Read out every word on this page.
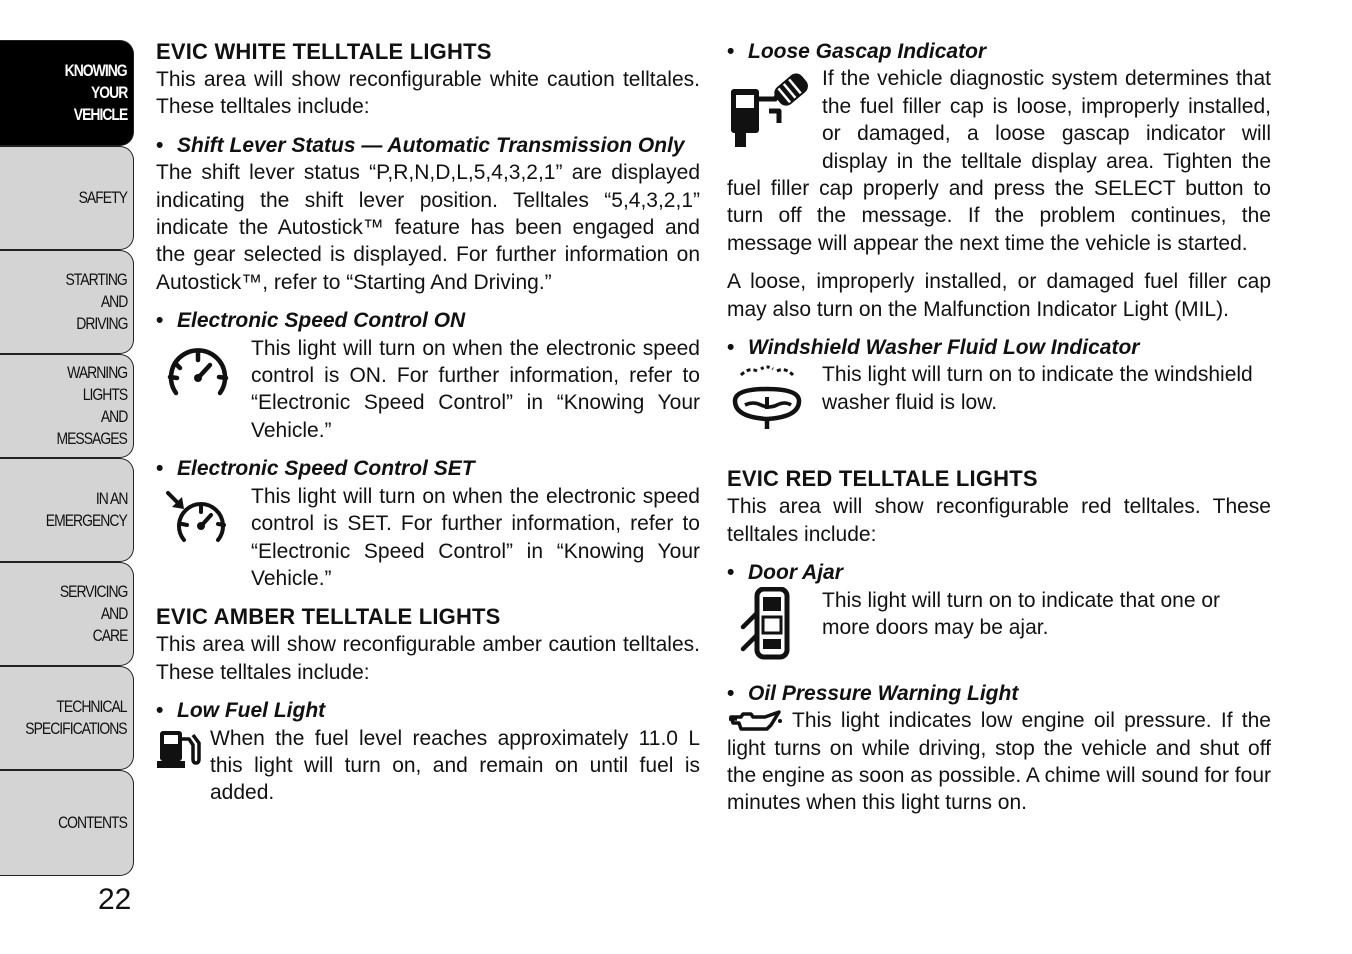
KNOWING
YOUR
VEHICLE
SAFETY
STARTING
AND
DRIVING
WARNING
LIGHTS
AND
MESSAGES
IN AN
EMERGENCY
SERVICING
AND
CARE
TECHNICAL
SPECIFICATIONS
CONTENTS
22
EVIC WHITE TELLTALE LIGHTS

This area will show reconfigurable white caution telltales. These telltales include:

• Shift Lever Status — Automatic Transmission Only

The shift lever status “P,R,N,D,L,5,4,3,2,1” are displayed indicating the shift lever position. Telltales “5,4,3,2,1” indicate the Autostick™ feature has been engaged and the gear selected is displayed. For further information on Autostick™, refer to “Starting And Driving.”

• Electronic Speed Control ON

This light will turn on when the electronic speed control is ON. For further information, refer to “Electronic Speed Control” in “Knowing Your Vehicle.”

• Electronic Speed Control SET

This light will turn on when the electronic speed control is SET. For further information, refer to “Electronic Speed Control” in “Knowing Your Vehicle.”

EVIC AMBER TELLTALE LIGHTS

This area will show reconfigurable amber caution telltales. These telltales include:

• Low Fuel Light

When the fuel level reaches approximately 11.0 L this light will turn on, and remain on until fuel is added.

• Loose Gascap Indicator

If the vehicle diagnostic system determines that the fuel filler cap is loose, improperly installed, or damaged, a loose gascap indicator will display in the telltale display area. Tighten the fuel filler cap properly and press the SELECT button to turn off the message. If the problem continues, the message will appear the next time the vehicle is started.

A loose, improperly installed, or damaged fuel filler cap may also turn on the Malfunction Indicator Light (MIL).

• Windshield Washer Fluid Low Indicator

This light will turn on to indicate the windshield washer fluid is low.

EVIC RED TELLTALE LIGHTS

This area will show reconfigurable red telltales. These telltales include:

• Door Ajar

This light will turn on to indicate that one or more doors may be ajar.

• Oil Pressure Warning Light

This light indicates low engine oil pressure. If the light turns on while driving, stop the vehicle and shut off the engine as soon as possible. A chime will sound for four minutes when this light turns on.
